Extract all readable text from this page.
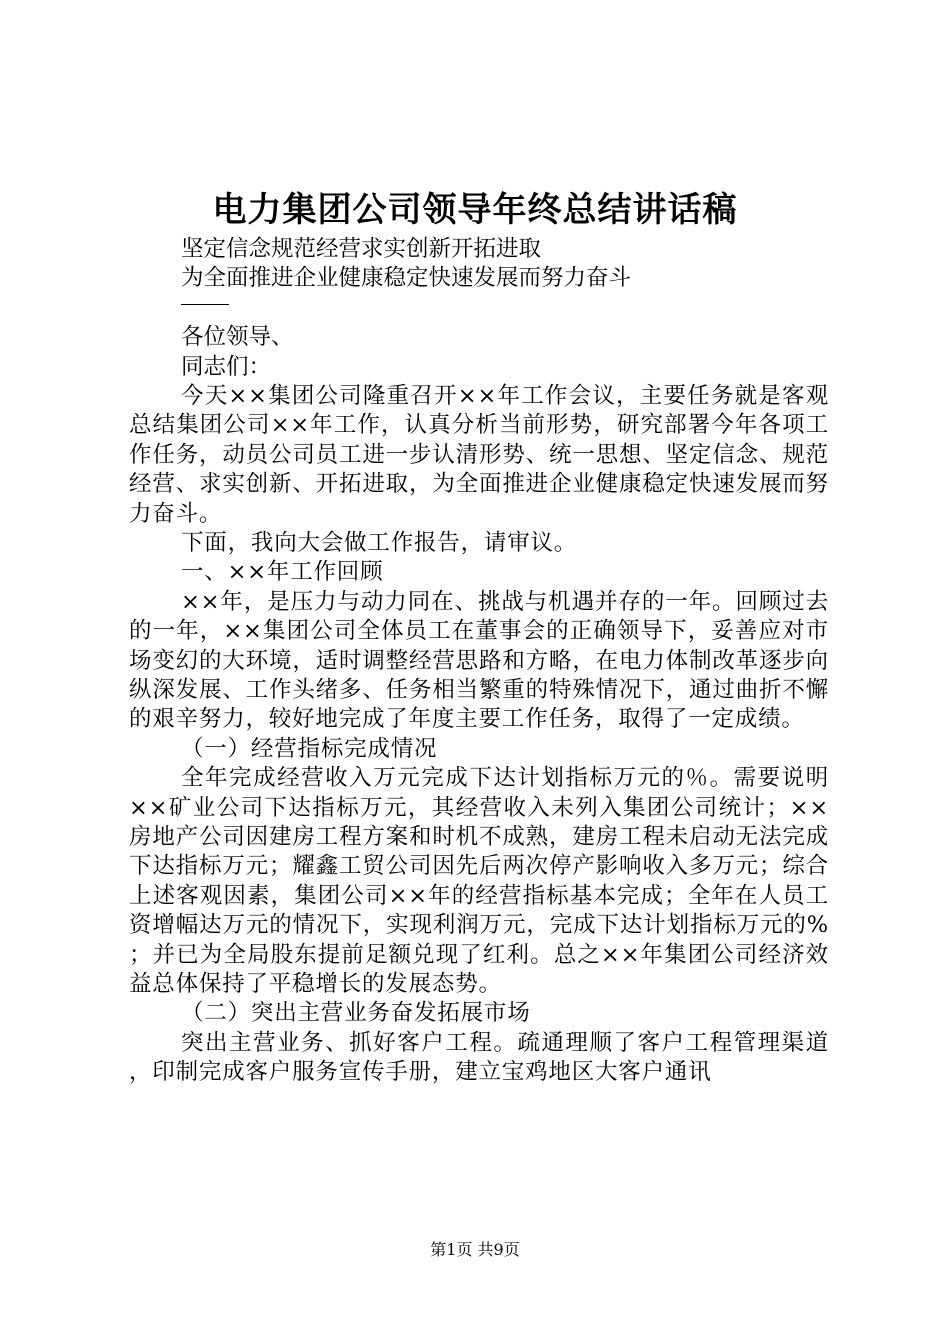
电力集团公司领导年终总结讲话稿
坚定信念规范经营求实创新开拓进取
为全面推进企业健康稳定快速发展而努力奋斗
各位领导、
同志们：
今天××集团公司隆重召开××年工作会议，主要任务就是客观总结集团公司××年工作，认真分析当前形势，研究部署今年各项工作任务，动员公司员工进一步认清形势、统一思想、坚定信念、规范经营、求实创新、开拓进取，为全面推进企业健康稳定快速发展而努力奋斗。
下面，我向大会做工作报告，请审议。
一、××年工作回顾
××年，是压力与动力同在、挑战与机遇并存的一年。回顾过去的一年，××集团公司全体员工在董事会的正确领导下，妥善应对市场变幻的大环境，适时调整经营思路和方略，在电力体制改革逐步向纵深发展、工作头绪多、任务相当繁重的特殊情况下，通过曲折不懈的艰辛努力，较好地完成了年度主要工作任务，取得了一定成绩。
（一）经营指标完成情况
全年完成经营收入万元完成下达计划指标万元的％。需要说明××矿业公司下达指标万元，其经营收入未列入集团公司统计；××房地产公司因建房工程方案和时机不成熟，建房工程未启动无法完成下达指标万元；耀鑫工贸公司因先后两次停产影响收入多万元；综合上述客观因素，集团公司××年的经营指标基本完成；全年在人员工资增幅达万元的情况下，实现利润万元，完成下达计划指标万元的%；并已为全局股东提前足额兑现了红利。总之××年集团公司经济效益总体保持了平稳增长的发展态势。
（二）突出主营业务奋发拓展市场
突出主营业务、抓好客户工程。疏通理顺了客户工程管理渠道，印制完成客户服务宣传手册，建立宝鸡地区大客户通讯
第1页 共9页
